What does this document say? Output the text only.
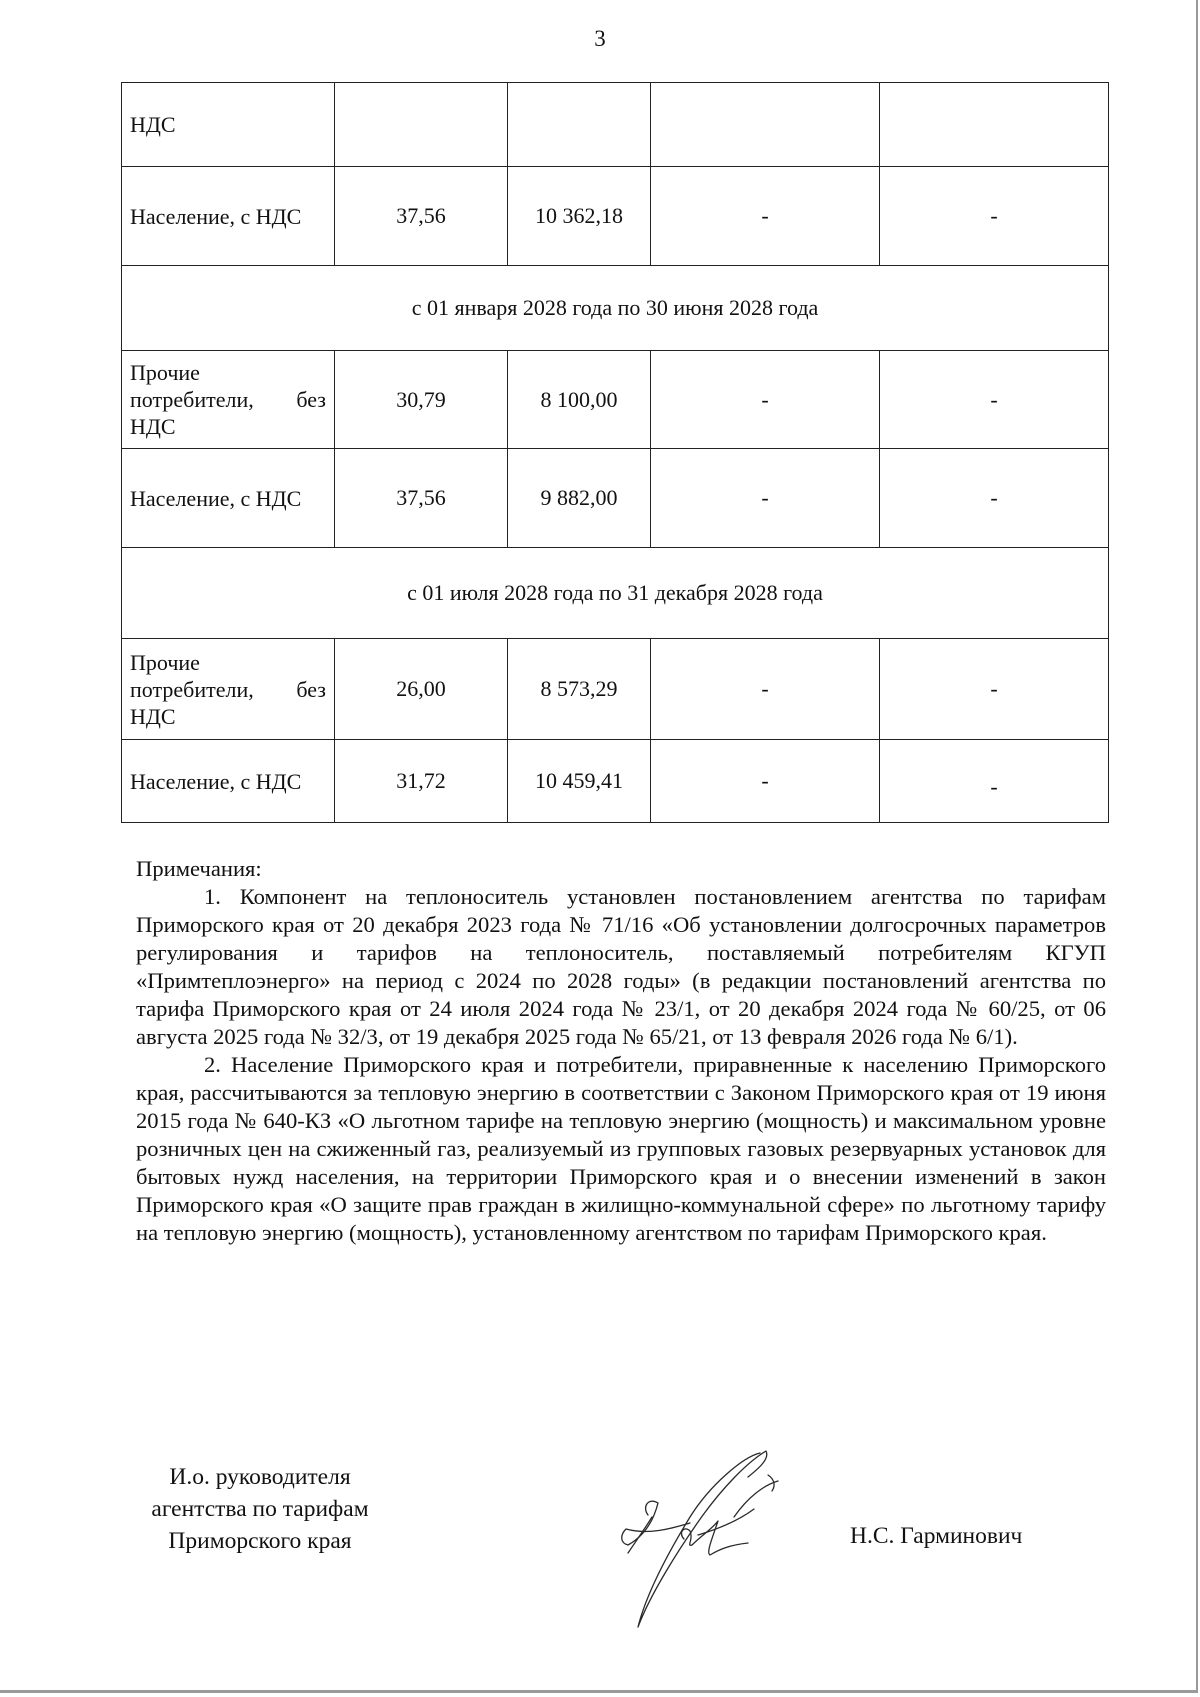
3
НДС				
Население, с НДС	37,56	10 362,18	-	-
с 01 января 2028 года по 30 июня 2028 года				

Прочие
потребители, без
НДС	30,79	8 100,00	-	-
Население, с НДС	37,56	9 882,00	-	-
с 01 июля 2028 года по 31 декабря 2028 года				

Прочие
потребители, без
НДС	26,00	8 573,29	-	-
Население, с НДС	31,72	10 459,41	-	-
Примечания:

1. Компонент на теплоноситель установлен постановлением агентства по тарифам Приморского края от 20 декабря 2023 года № 71/16 «Об установлении долгосрочных параметров регулирования и тарифов на теплоноситель, поставляемый потребителям КГУП «Примтеплоэнерго» на период с 2024 по 2028 годы» (в редакции постановлений агентства по тарифа Приморского края от 24 июля 2024 года № 23/1, от 20 декабря 2024 года № 60/25, от 06 августа 2025 года № 32/3, от 19 декабря 2025 года № 65/21, от 13 февраля 2026 года № 6/1).

2. Население Приморского края и потребители, приравненные к населению Приморского края, рассчитываются за тепловую энергию в соответствии с Законом Приморского края от 19 июня 2015 года № 640-КЗ «О льготном тарифе на тепловую энергию (мощность) и максимальном уровне розничных цен на сжиженный газ, реализуемый из групповых газовых резервуарных установок для бытовых нужд населения, на территории Приморского края и о внесении изменений в закон Приморского края «О защите прав граждан в жилищно-коммунальной сфере» по льготному тарифу на тепловую энергию (мощность), установленному агентством по тарифам Приморского края.

И.о. руководителя
агентства по тарифам
Приморского края	Н.С. Гарминович
